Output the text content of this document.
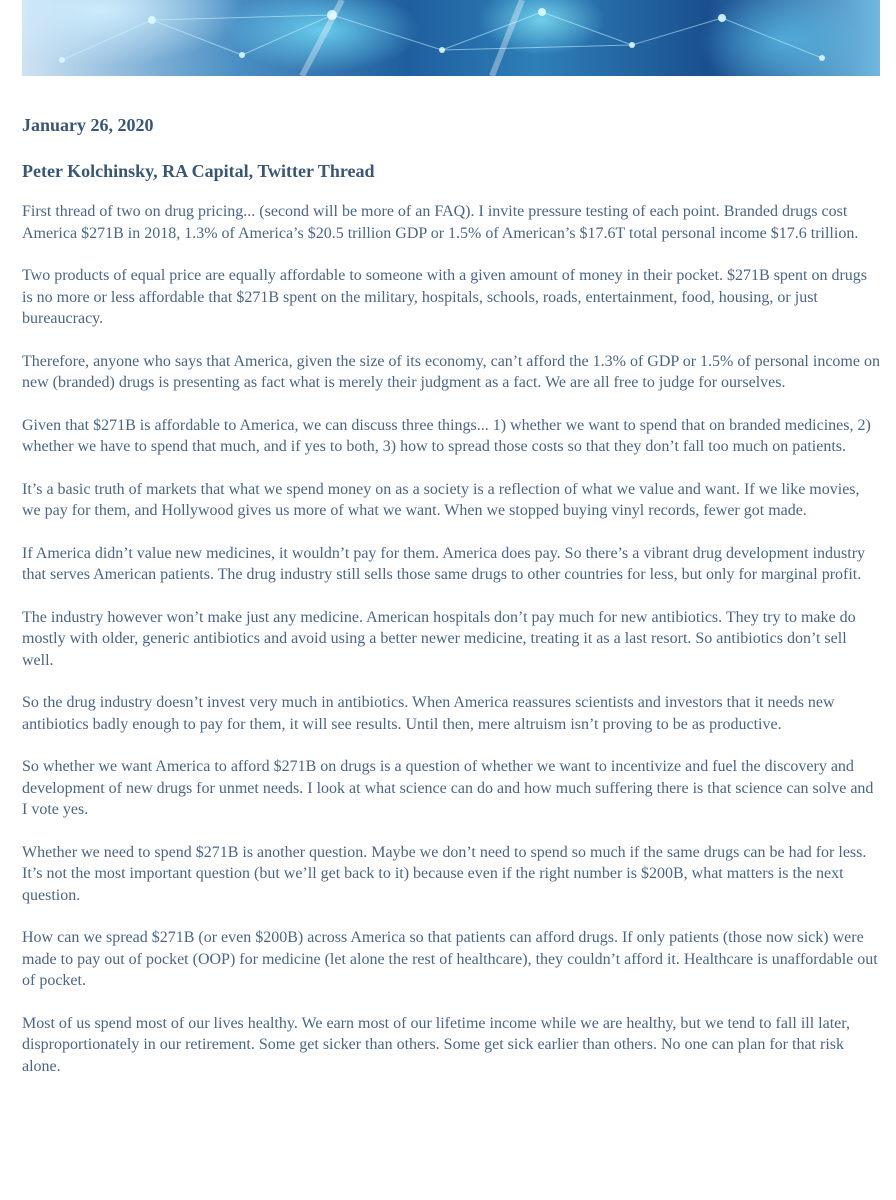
January 26, 2020
Peter Kolchinsky, RA Capital, Twitter Thread

First thread of two on drug pricing... (second will be more of an FAQ). I invite pressure testing of each point. Branded drugs cost America $271B in 2018, 1.3% of America’s $20.5 trillion GDP or 1.5% of American’s $17.6T total personal income $17.6 trillion.

Two products of equal price are equally affordable to someone with a given amount of money in their pocket. $271B spent on drugs is no more or less affordable that $271B spent on the military, hospitals, schools, roads, entertainment, food, housing, or just bureaucracy.

Therefore, anyone who says that America, given the size of its economy, can’t afford the 1.3% of GDP or 1.5% of personal income on new (branded) drugs is presenting as fact what is merely their judgment as a fact. We are all free to judge for ourselves.

Given that $271B is affordable to America, we can discuss three things... 1) whether we want to spend that on branded medicines, 2) whether we have to spend that much, and if yes to both, 3) how to spread those costs so that they don’t fall too much on patients.

It’s a basic truth of markets that what we spend money on as a society is a reflection of what we value and want. If we like movies, we pay for them, and Hollywood gives us more of what we want. When we stopped buying vinyl records, fewer got made.

If America didn’t value new medicines, it wouldn’t pay for them. America does pay. So there’s a vibrant drug development industry that serves American patients. The drug industry still sells those same drugs to other countries for less, but only for marginal profit.

The industry however won’t make just any medicine. American hospitals don’t pay much for new antibiotics. They try to make do mostly with older, generic antibiotics and avoid using a better newer medicine, treating it as a last resort. So antibiotics don’t sell well.

So the drug industry doesn’t invest very much in antibiotics. When America reassures scientists and investors that it needs new antibiotics badly enough to pay for them, it will see results. Until then, mere altruism isn’t proving to be as productive.

So whether we want America to afford $271B on drugs is a question of whether we want to incentivize and fuel the discovery and development of new drugs for unmet needs. I look at what science can do and how much suffering there is that science can solve and I vote yes.

Whether we need to spend $271B is another question. Maybe we don’t need to spend so much if the same drugs can be had for less. It’s not the most important question (but we’ll get back to it) because even if the right number is $200B, what matters is the next question.

How can we spread $271B (or even $200B) across America so that patients can afford drugs. If only patients (those now sick) were made to pay out of pocket (OOP) for medicine (let alone the rest of healthcare), they couldn’t afford it. Healthcare is unaffordable out of pocket.

Most of us spend most of our lives healthy. We earn most of our lifetime income while we are healthy, but we tend to fall ill later, disproportionately in our retirement. Some get sicker than others. Some get sick earlier than others. No one can plan for that risk alone.
